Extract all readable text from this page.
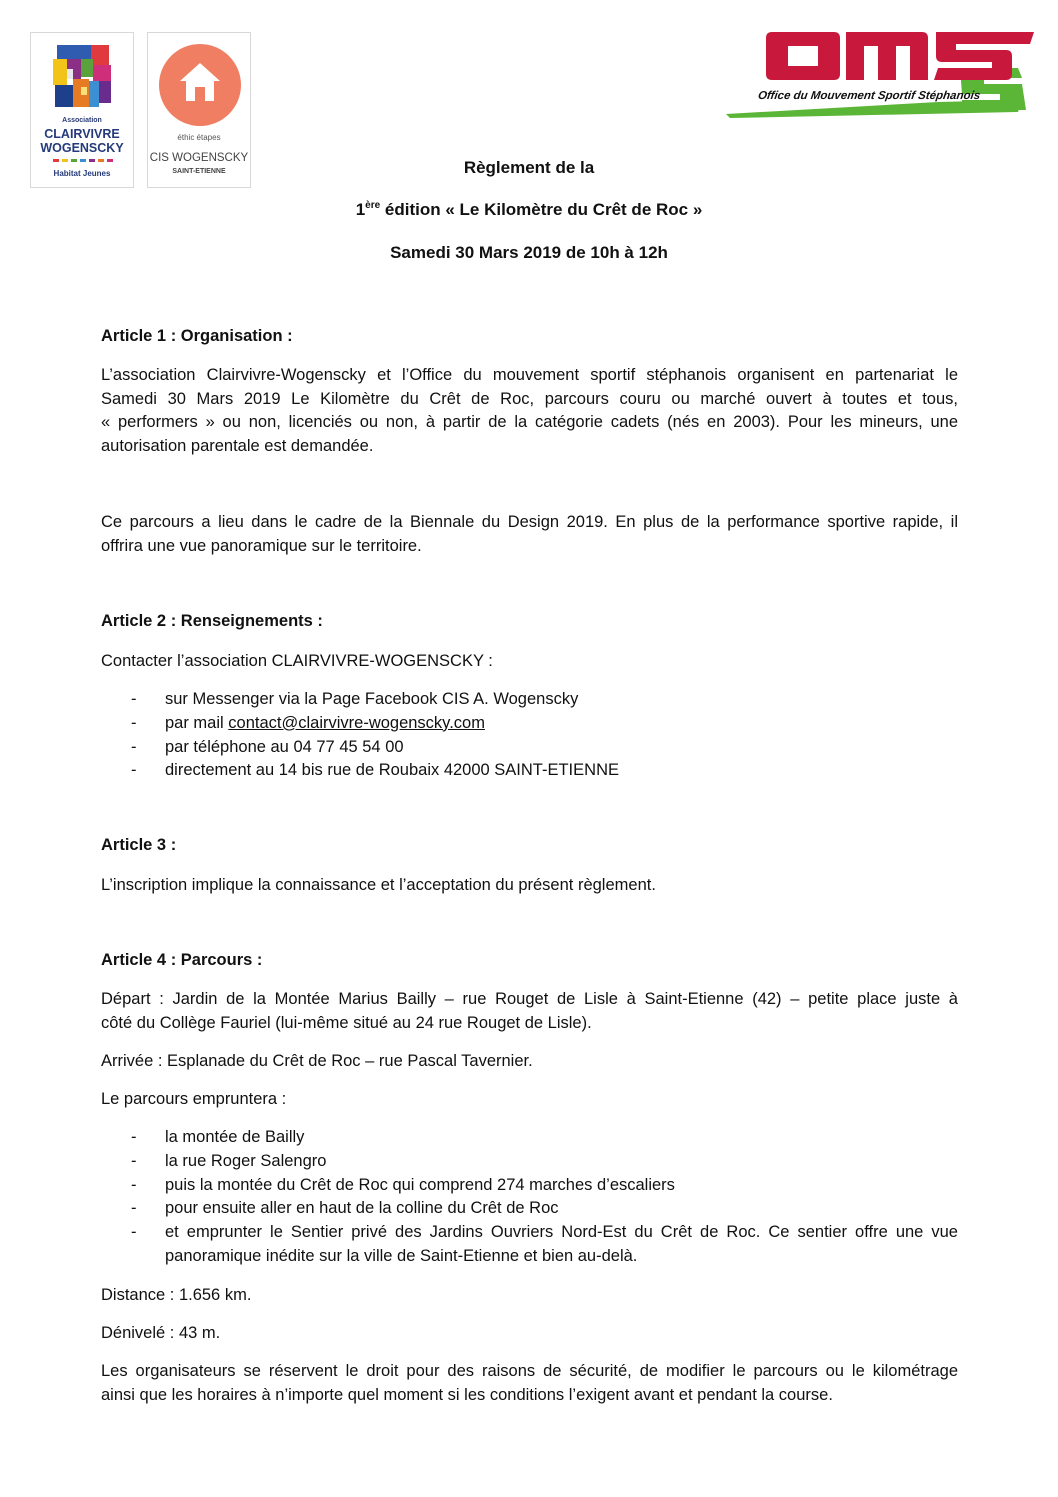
Association
CLAIRVIVRE
WOGENSCKY
Habitat Jeunes
éthic étapes
CIS WOGENSCKY
SAINT-ETIENNE
Office du Mouvement Sportif Stéphanois
Règlement de la
1ère édition « Le Kilomètre du Crêt de Roc »
Samedi 30 Mars 2019 de 10h à 12h
Article 1 : Organisation :
L’association Clairvivre-Wogenscky et l’Office du mouvement sportif stéphanois organisent en partenariat le
Samedi 30 Mars 2019 Le Kilomètre du Crêt de Roc, parcours couru ou marché ouvert à toutes et tous,
« performers » ou non, licenciés ou non, à partir de la catégorie cadets (nés en 2003). Pour les mineurs, une
autorisation parentale est demandée.
Ce parcours a lieu dans le cadre de la Biennale du Design 2019. En plus de la performance sportive rapide, il
offrira une vue panoramique sur le territoire.
Article 2 : Renseignements :
Contacter l’association CLAIRVIVRE-WOGENSCKY :
- sur Messenger via la Page Facebook CIS A. Wogenscky
- par mail contact@clairvivre-wogenscky.com
- par téléphone au 04 77 45 54 00
- directement au 14 bis rue de Roubaix 42000 SAINT-ETIENNE
Article 3 :
L’inscription implique la connaissance et l’acceptation du présent règlement.
Article 4 : Parcours :
Départ : Jardin de la Montée Marius Bailly – rue Rouget de Lisle à Saint-Etienne (42) – petite place juste à
côté du Collège Fauriel (lui-même situé au 24 rue Rouget de Lisle).
Arrivée : Esplanade du Crêt de Roc – rue Pascal Tavernier.
Le parcours empruntera :
- la montée de Bailly
- la rue Roger Salengro
- puis la montée du Crêt de Roc qui comprend 274 marches d’escaliers
- pour ensuite aller en haut de la colline du Crêt de Roc
- et emprunter le Sentier privé des Jardins Ouvriers Nord-Est du Crêt de Roc. Ce sentier offre une vue
panoramique inédite sur la ville de Saint-Etienne et bien au-delà.
Distance : 1.656 km.
Dénivelé : 43 m.
Les organisateurs se réservent le droit pour des raisons de sécurité, de modifier le parcours ou le kilométrage
ainsi que les horaires à n’importe quel moment si les conditions l’exigent avant et pendant la course.
